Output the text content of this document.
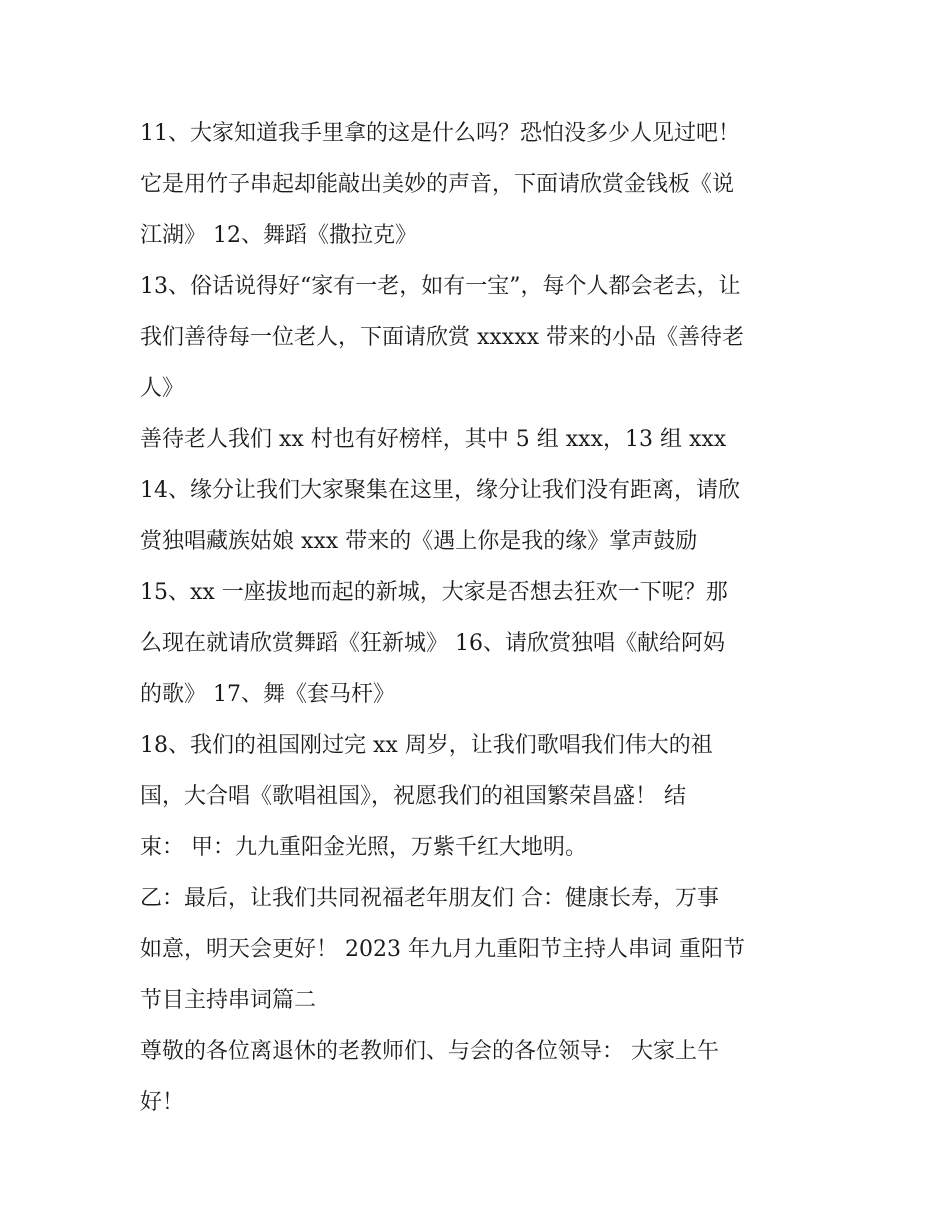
11、大家知道我手里拿的这是什么吗？恐怕没多少人见过吧！
它是用竹子串起却能敲出美妙的声音，下面请欣赏金钱板《说
江湖》 12、舞蹈《撒拉克》
13、俗话说得好“家有一老，如有一宝”，每个人都会老去，让
我们善待每一位老人，下面请欣赏 xxxxx 带来的小品《善待老
人》
善待老人我们 xx 村也有好榜样，其中 5 组 xxx，13 组 xxx
14、缘分让我们大家聚集在这里，缘分让我们没有距离，请欣
赏独唱藏族姑娘 xxx 带来的《遇上你是我的缘》掌声鼓励
15、xx 一座拔地而起的新城，大家是否想去狂欢一下呢？那
么现在就请欣赏舞蹈《狂新城》 16、请欣赏独唱《献给阿妈
的歌》 17、舞《套马杆》
18、我们的祖国刚过完 xx 周岁，让我们歌唱我们伟大的祖
国，大合唱《歌唱祖国》，祝愿我们的祖国繁荣昌盛！ 结
束： 甲：九九重阳金光照，万紫千红大地明。
乙：最后，让我们共同祝福老年朋友们 合：健康长寿，万事
如意，明天会更好！ 2023 年九月九重阳节主持人串词 重阳节
节目主持串词篇二
尊敬的各位离退休的老教师们、与会的各位领导： 大家上午
好！
